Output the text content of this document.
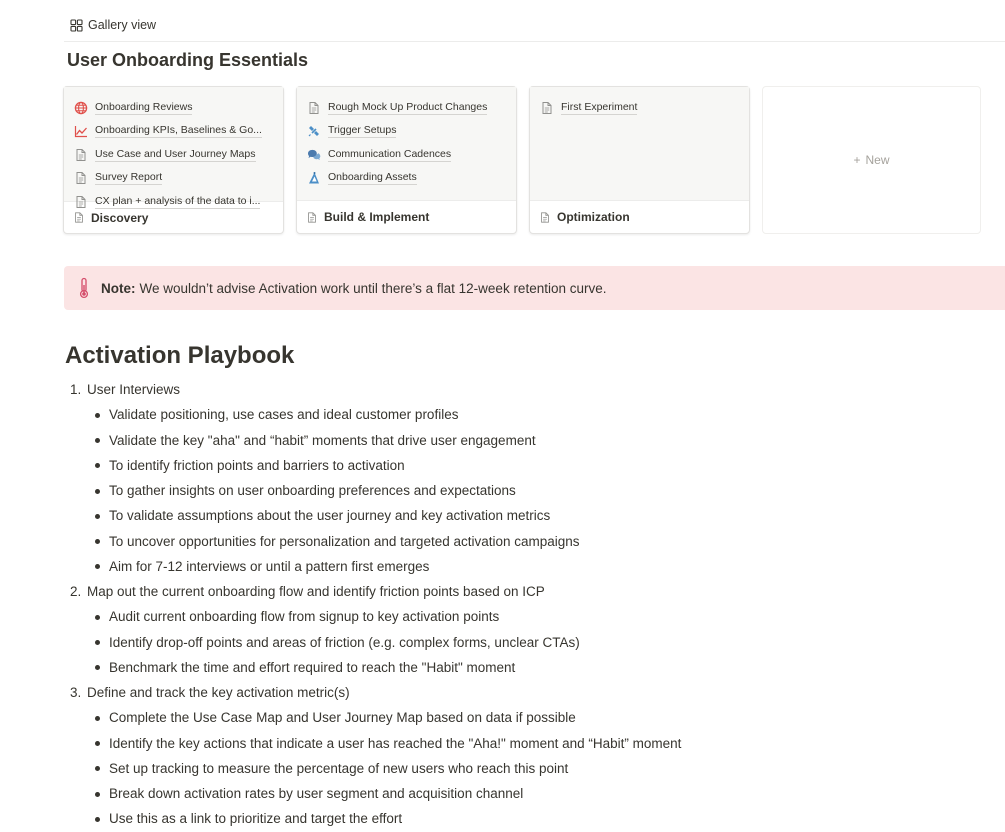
Gallery view
User Onboarding Essentials
Onboarding Reviews
Onboarding KPIs, Baselines & Go...
Use Case and User Journey Maps
Survey Report
CX plan + analysis of the data to i...
Discovery
Rough Mock Up Product Changes
Trigger Setups
Communication Cadences
Onboarding Assets
Build & Implement
First Experiment
Optimization
+ New
Note: We wouldn’t advise Activation work until there’s a flat 12-week retention curve.
Activation Playbook
1. User Interviews
Validate positioning, use cases and ideal customer profiles
Validate the key "aha" and “habit” moments that drive user engagement
To identify friction points and barriers to activation
To gather insights on user onboarding preferences and expectations
To validate assumptions about the user journey and key activation metrics
To uncover opportunities for personalization and targeted activation campaigns
Aim for 7-12 interviews or until a pattern first emerges
2. Map out the current onboarding flow and identify friction points based on ICP
Audit current onboarding flow from signup to key activation points
Identify drop-off points and areas of friction (e.g. complex forms, unclear CTAs)
Benchmark the time and effort required to reach the "Habit" moment
3. Define and track the key activation metric(s)
Complete the Use Case Map and User Journey Map based on data if possible
Identify the key actions that indicate a user has reached the "Aha!" moment and “Habit” moment
Set up tracking to measure the percentage of new users who reach this point
Break down activation rates by user segment and acquisition channel
Use this as a link to prioritize and target the effort
